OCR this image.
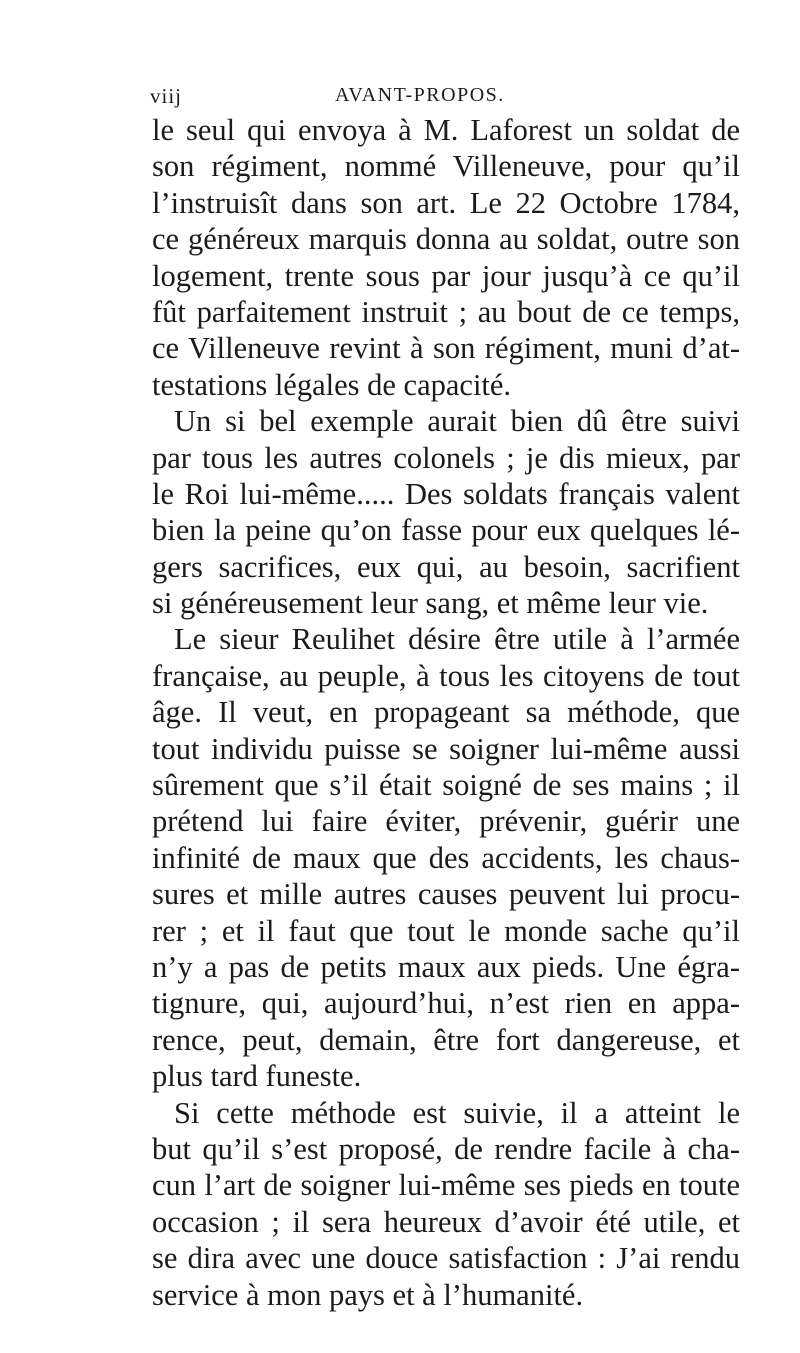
viij	AVANT-PROPOS.
le seul qui envoya à M. Laforest un soldat de
son régiment, nommé Villeneuve, pour qu’il
l’instruisît dans son art. Le 22 Octobre 1784,
ce généreux marquis donna au soldat, outre son
logement, trente sous par jour jusqu’à ce qu’il
fût parfaitement instruit ; au bout de ce temps,
ce Villeneuve revint à son régiment, muni d’at-
testations légales de capacité.
Un si bel exemple aurait bien dû être suivi
par tous les autres colonels ; je dis mieux, par
le Roi lui-même..... Des soldats français valent
bien la peine qu’on fasse pour eux quelques lé-
gers sacrifices, eux qui, au besoin, sacrifient
si généreusement leur sang, et même leur vie.
Le sieur Reulihet désire être utile à l’armée
française, au peuple, à tous les citoyens de tout
âge. Il veut, en propageant sa méthode, que
tout individu puisse se soigner lui-même aussi
sûrement que s’il était soigné de ses mains ; il
prétend lui faire éviter, prévenir, guérir une
infinité de maux que des accidents, les chaus-
sures et mille autres causes peuvent lui procu-
rer ; et il faut que tout le monde sache qu’il
n’y a pas de petits maux aux pieds. Une égra-
tignure, qui, aujourd’hui, n’est rien en appa-
rence, peut, demain, être fort dangereuse, et
plus tard funeste.
Si cette méthode est suivie, il a atteint le
but qu’il s’est proposé, de rendre facile à cha-
cun l’art de soigner lui-même ses pieds en toute
occasion ; il sera heureux d’avoir été utile, et
se dira avec une douce satisfaction : J’ai rendu
service à mon pays et à l’humanité.
